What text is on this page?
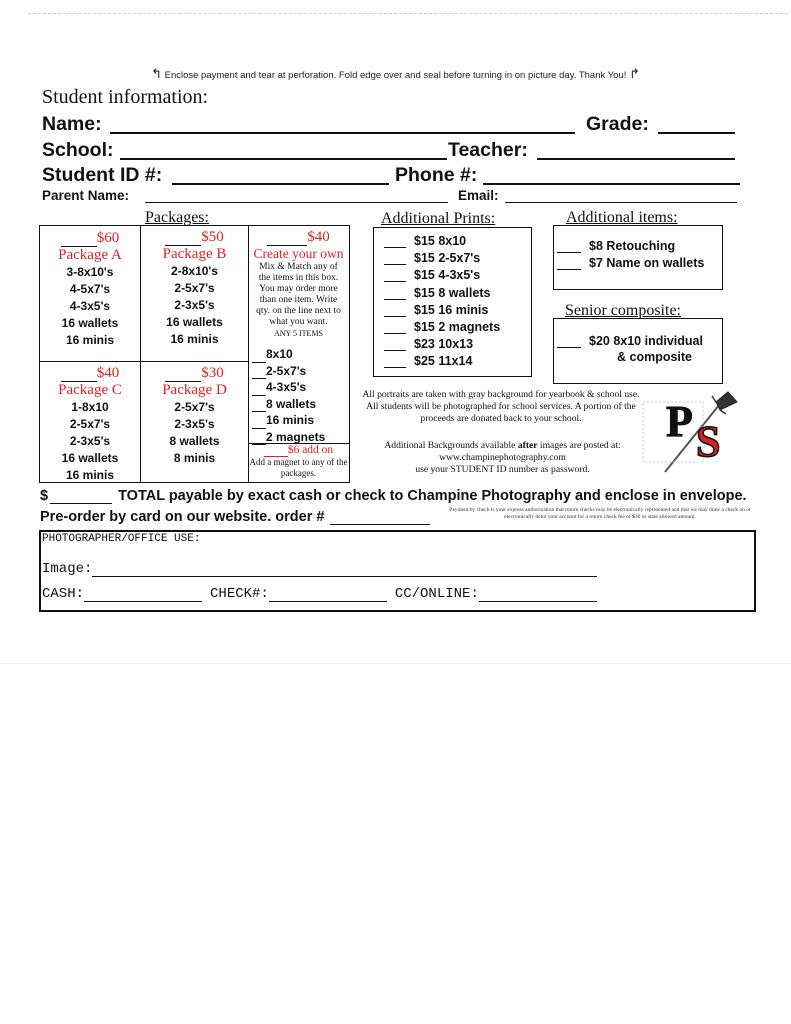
↰ Enclose payment and tear at perforation. Fold edge over and seal before turning in on picture day. Thank You! ↱
Student information:
Name:	Grade:
School:	Teacher:
Student ID #:	Phone #:
Parent Name:	Email:
Packages:
$60
Package A
3-8x10's
4-5x7's
4-3x5's
16 wallets
16 minis
$50
Package B
2-8x10's
2-5x7's
2-3x5's
16 wallets
16 minis
$40
Package C
1-8x10
2-5x7's
2-3x5's
16 wallets
16 minis
$30
Package D
2-5x7's
2-3x5's
8 wallets
8 minis
$40
Create your own
Mix & Match any of the items in this box. You may order more than one item. Write qty. on the line next to what you want.
ANY 5 ITEMS
8x10
2-5x7's
4-3x5's
8 wallets
16 minis
2 magnets
$6 add on
Add a magnet to any of the packages.
Additional Prints:
$15 8x10
$15 2-5x7's
$15 4-3x5's
$15 8 wallets
$15 16 minis
$15 2 magnets
$23 10x13
$25 11x14
Additional items:
$8 Retouching
$7 Name on wallets
Senior composite:
$20 8x10 individual
& composite
All portraits are taken with gray background for yearbook & school use. All students will be photographed for school services. A portion of the proceeds are donated back to your school.
Additional Backgrounds available after images are posted at:
www.champinephotography.com
use your STUDENT ID number as password.
P S
$	TOTAL payable by exact cash or check to Champine Photography and enclose in envelope.
Pre-order by card on our website. order #	Payment by check is your express authorization that return checks may be electronically represented and that we may draw a check on or electronically debit your account for a return check fee of $30 or state allowed amount.
PHOTOGRAPHER/OFFICE USE:
Image:
CASH:	CHECK#:	CC/ONLINE:
